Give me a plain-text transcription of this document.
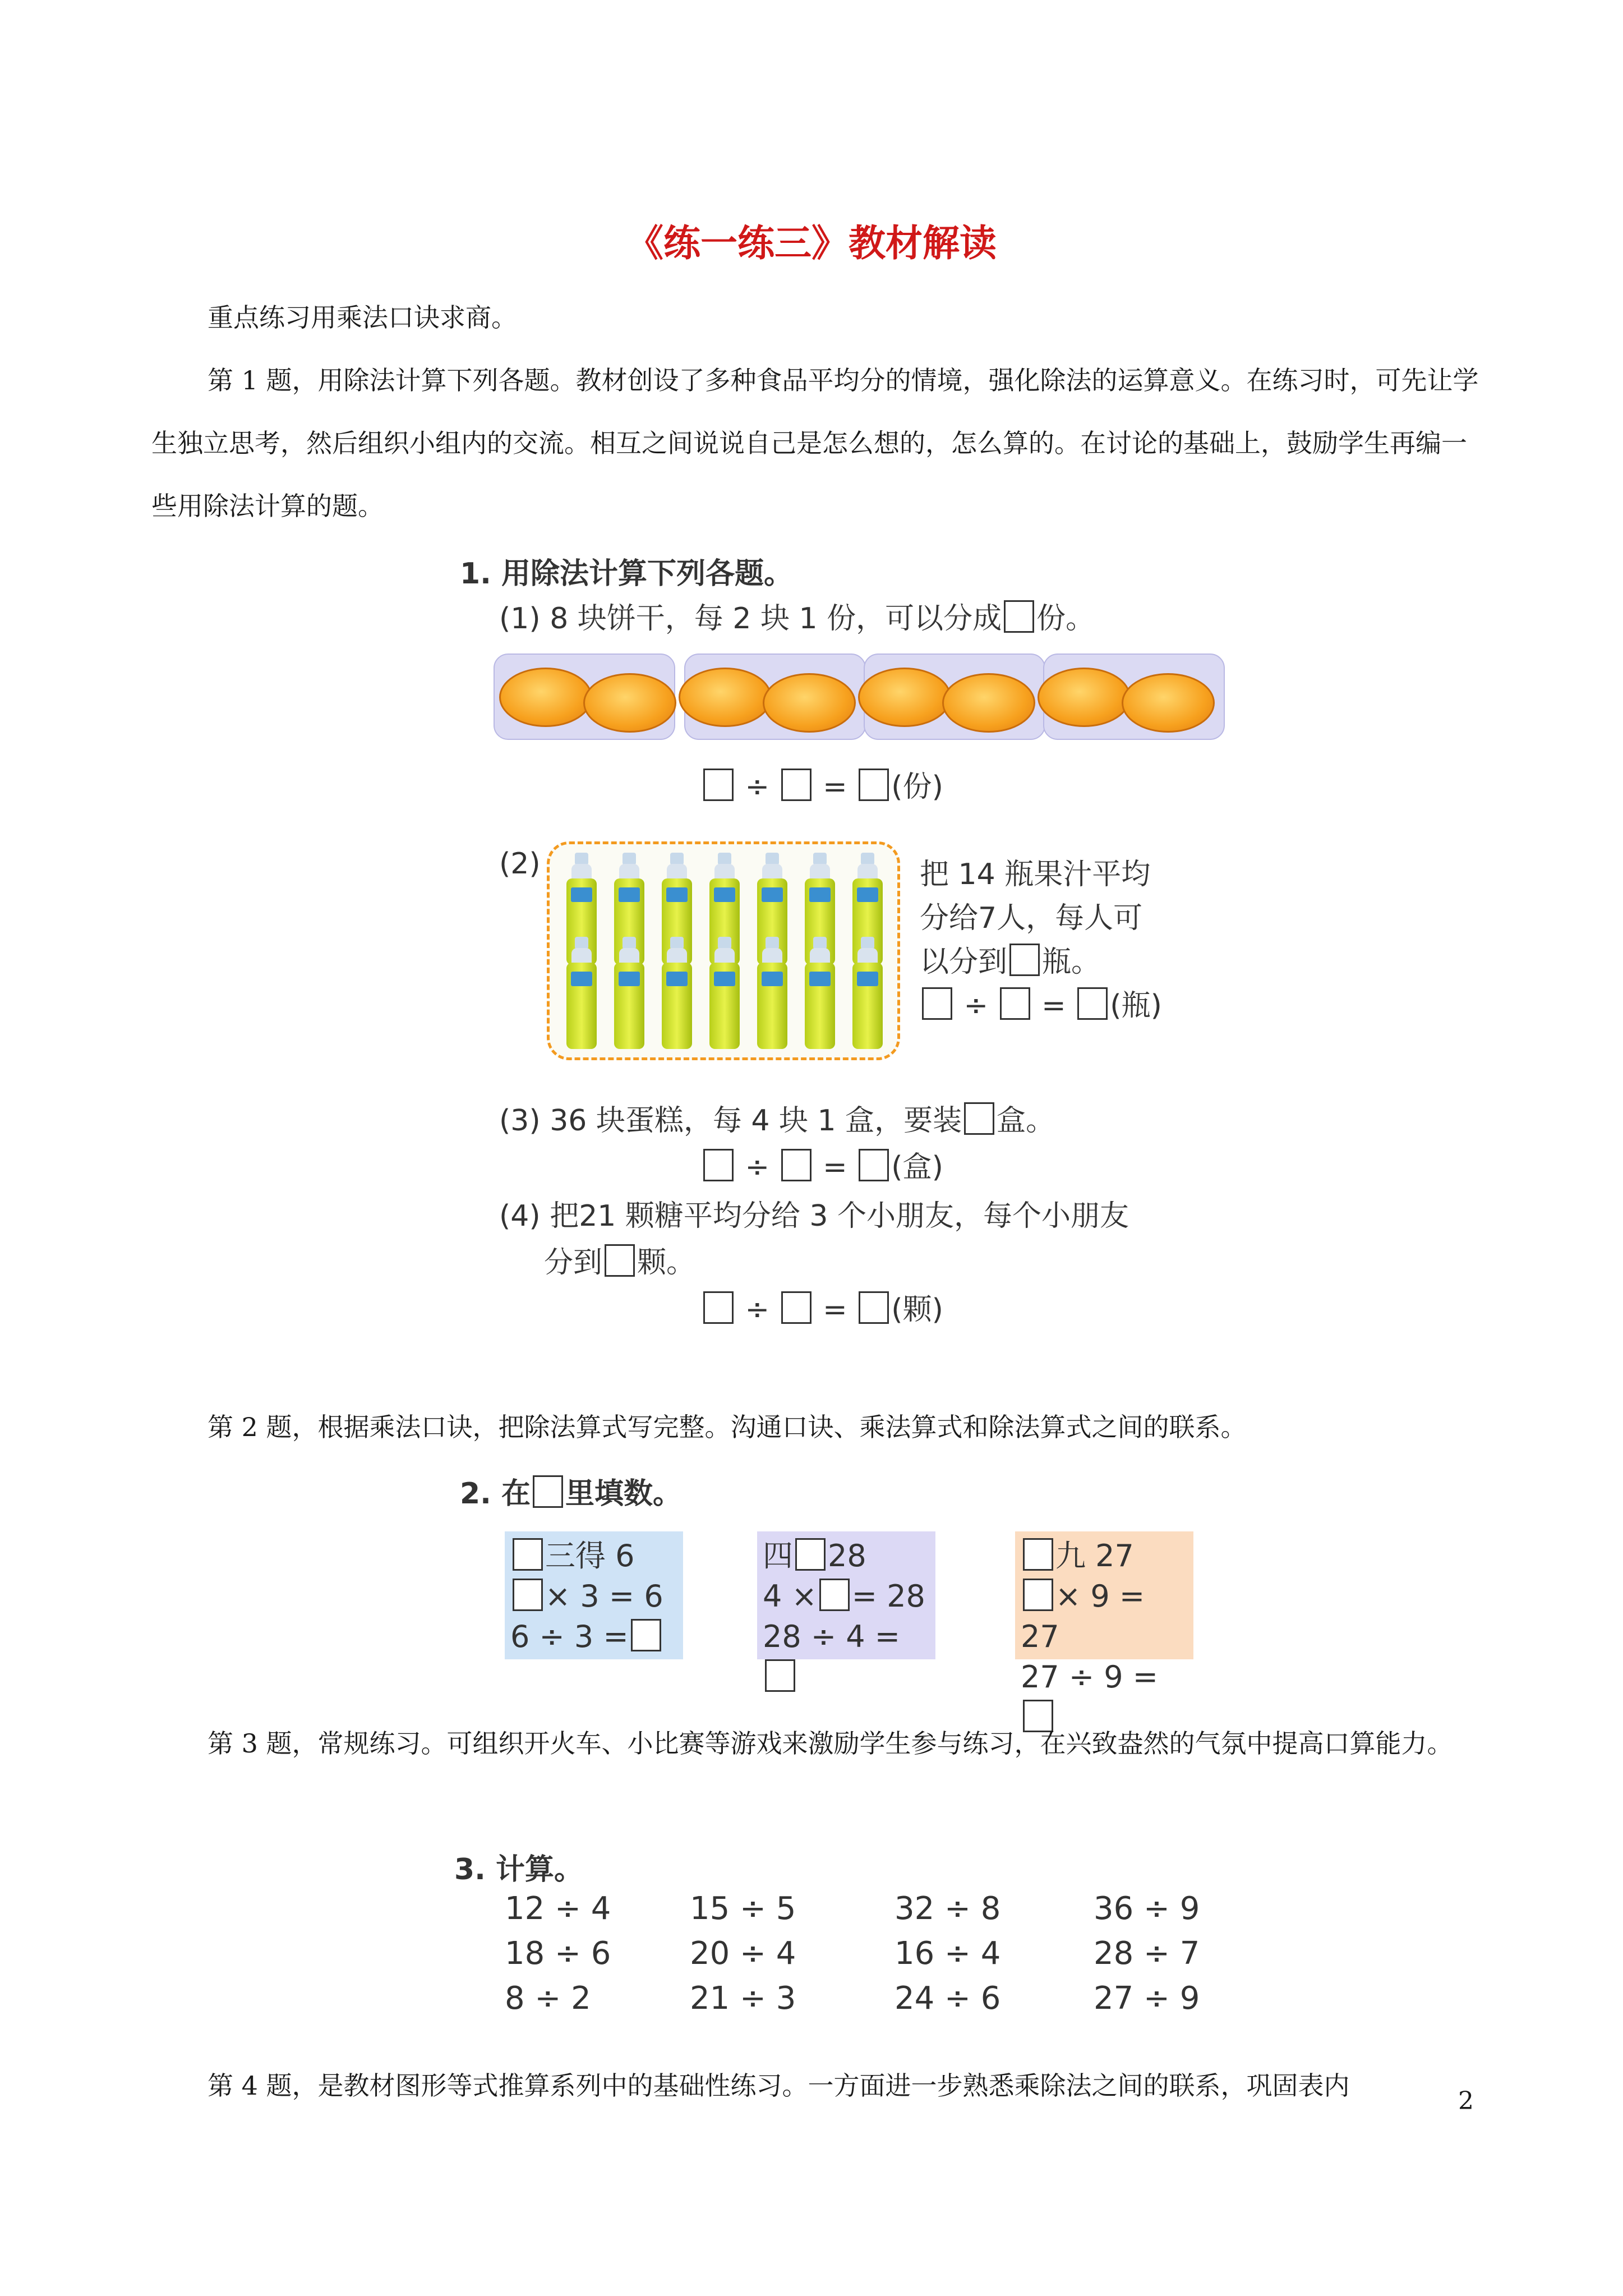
《练一练三》教材解读
重点练习用乘法口诀求商。
第 1 题，用除法计算下列各题。教材创设了多种食品平均分的情境，强化除法的运算意义。在练习时，可先让学生独立思考，然后组织小组内的交流。相互之间说说自己是怎么想的，怎么算的。在讨论的基础上，鼓励学生再编一些用除法计算的题。
1. 用除法计算下列各题。
(1) 8 块饼干，每 2 块 1 份，可以分成 份。
÷ = (份)
(2)	把 14 瓶果汁平均
分给7人，每人可
以分到 瓶。
÷ = (瓶)
(3) 36 块蛋糕，每 4 块 1 盒，要装 盒。
÷ = (盒)
(4) 把21 颗糖平均分给 3 个小朋友，每个小朋友
分到 颗。
÷ = (颗)
第 2 题，根据乘法口诀，把除法算式写完整。沟通口诀、乘法算式和除法算式之间的联系。
2. 在 里填数。
三得 6
× 3 = 6
6 ÷ 3 =
四 28
4 × = 28
28 ÷ 4 =
九 27
× 9 = 27
27 ÷ 9 =
第 3 题，常规练习。可组织开火车、小比赛等游戏来激励学生参与练习，在兴致盎然的气氛中提高口算能力。
3. 计算。
12 ÷ 4	15 ÷ 5	32 ÷ 8	36 ÷ 9
18 ÷ 6	20 ÷ 4	16 ÷ 4	28 ÷ 7
8 ÷ 2	21 ÷ 3	24 ÷ 6	27 ÷ 9
第 4 题，是教材图形等式推算系列中的基础性练习。一方面进一步熟悉乘除法之间的联系，巩固表内
2
